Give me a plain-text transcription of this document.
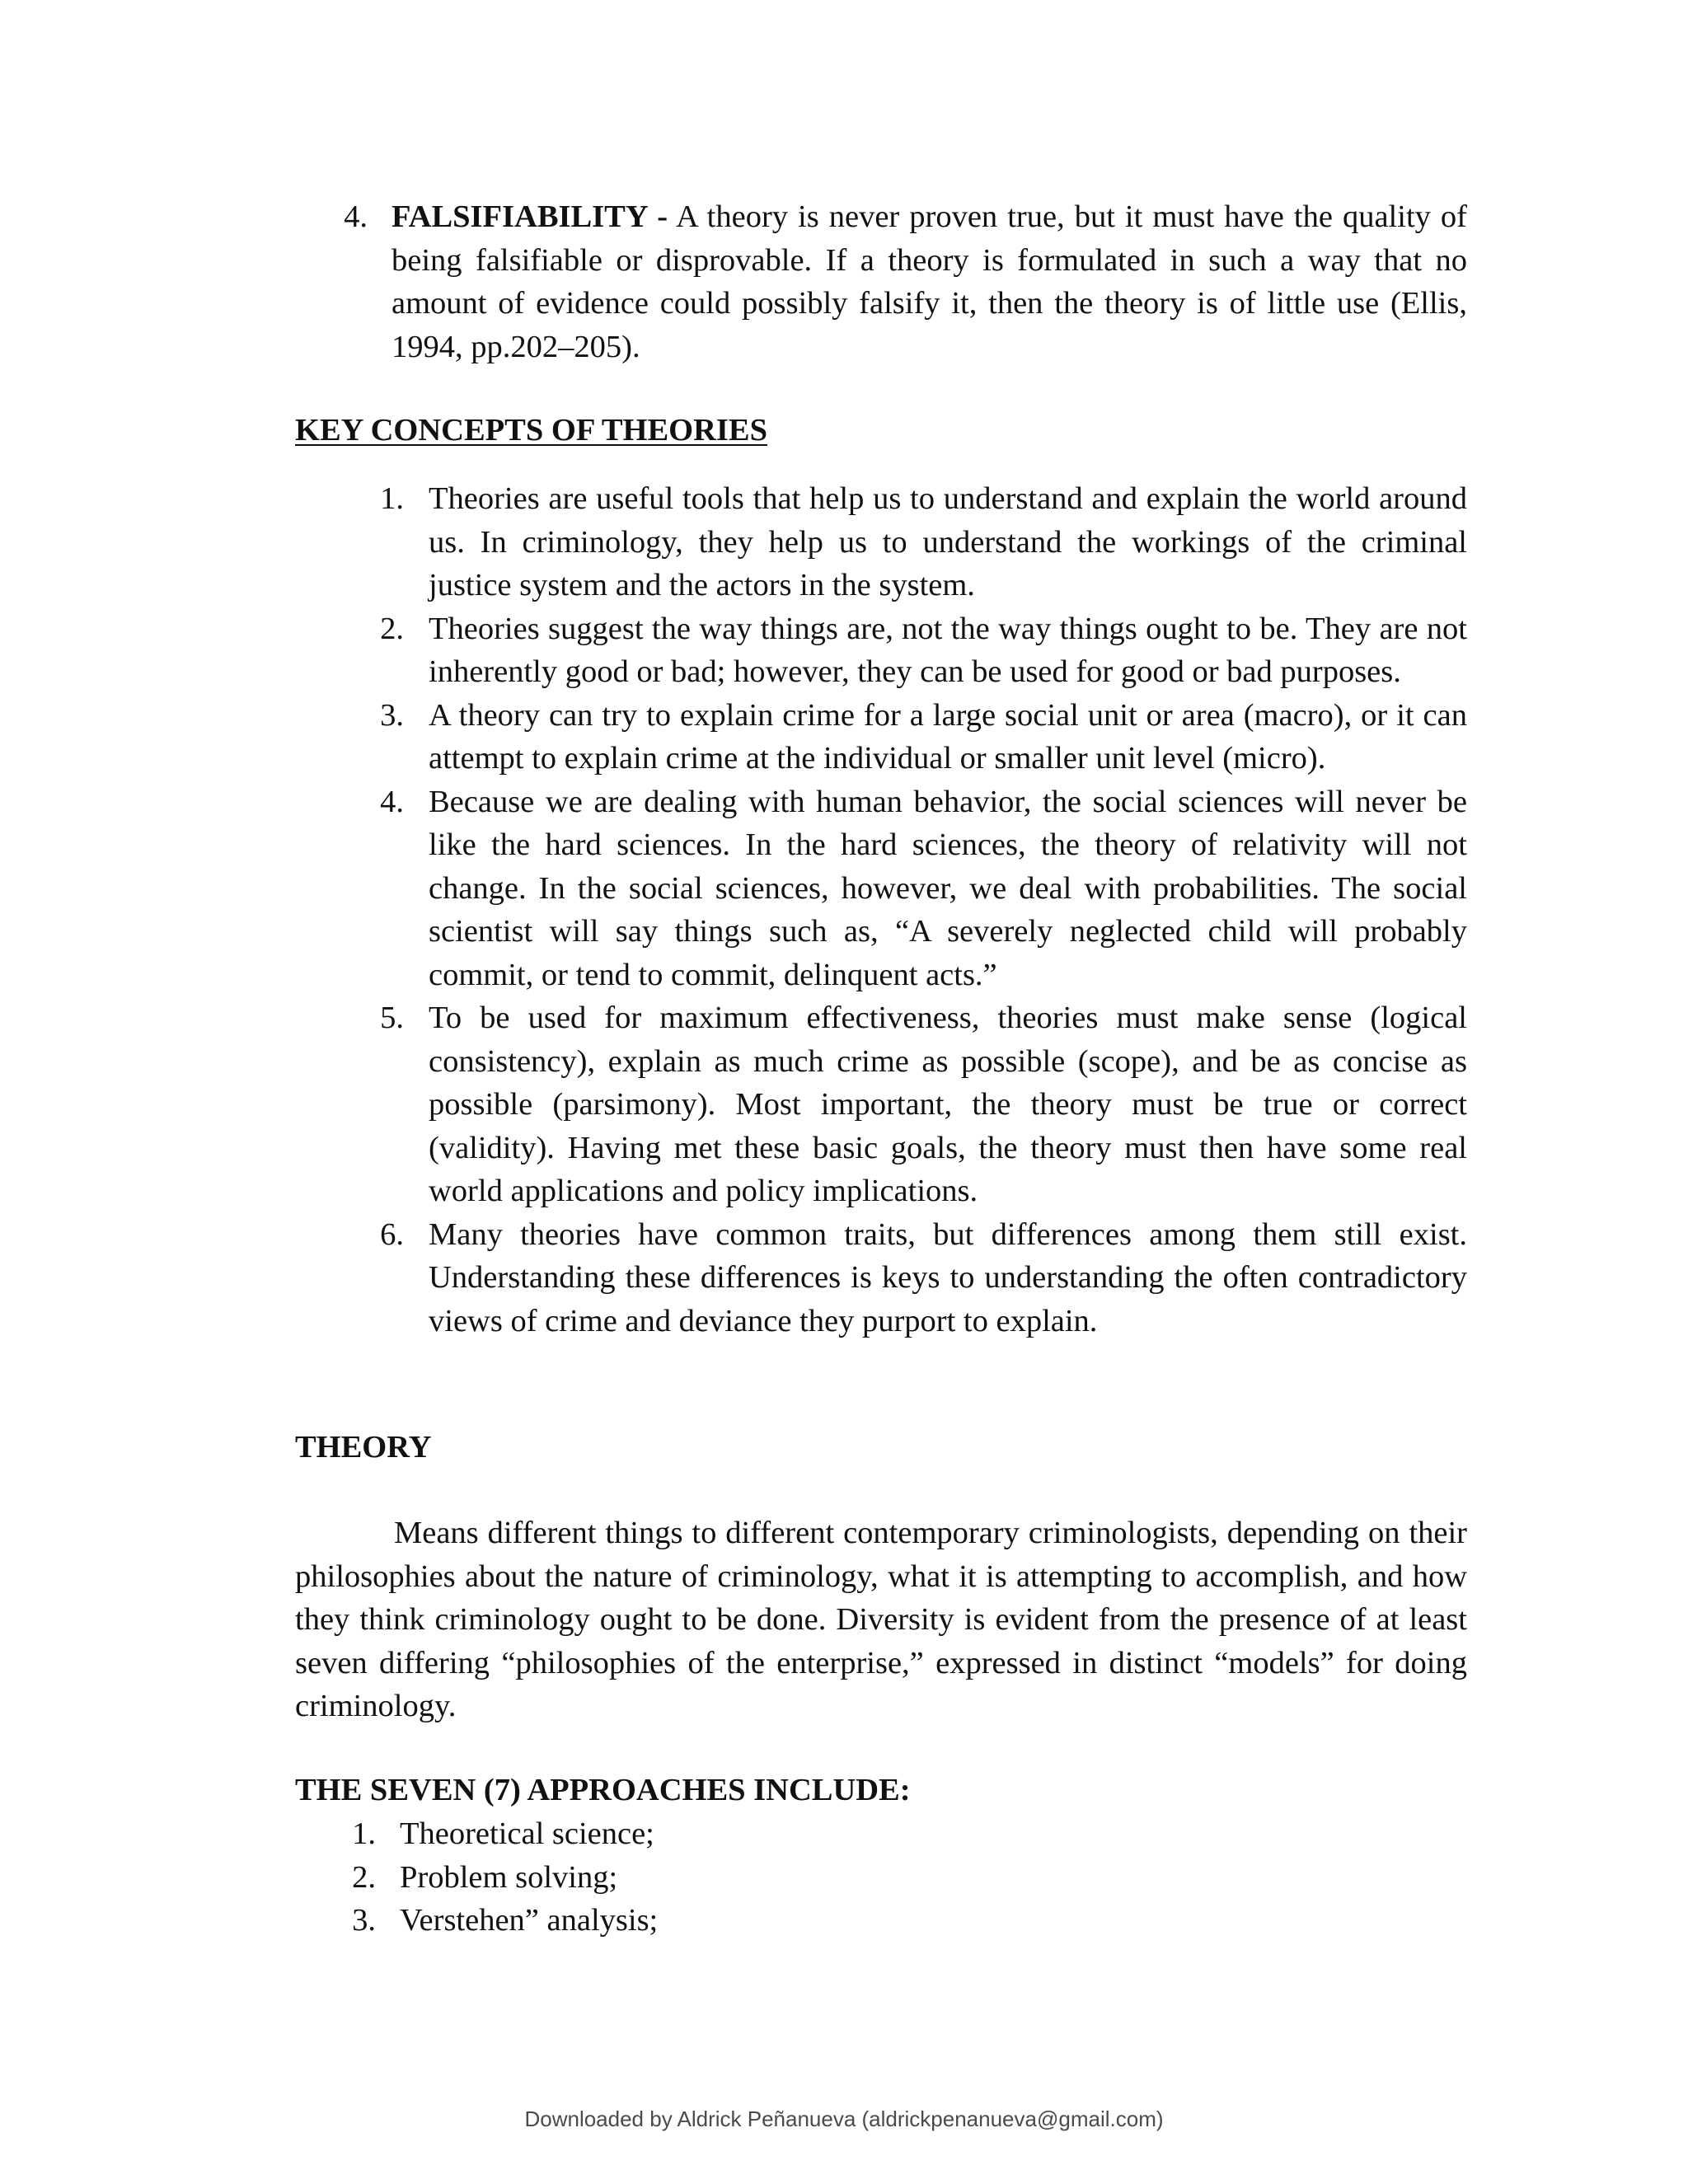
4. FALSIFIABILITY - A theory is never proven true, but it must have the quality of being falsifiable or disprovable. If a theory is formulated in such a way that no amount of evidence could possibly falsify it, then the theory is of little use (Ellis, 1994, pp.202–205).
KEY CONCEPTS OF THEORIES
1. Theories are useful tools that help us to understand and explain the world around us. In criminology, they help us to understand the workings of the criminal justice system and the actors in the system.
2. Theories suggest the way things are, not the way things ought to be. They are not inherently good or bad; however, they can be used for good or bad purposes.
3. A theory can try to explain crime for a large social unit or area (macro), or it can attempt to explain crime at the individual or smaller unit level (micro).
4. Because we are dealing with human behavior, the social sciences will never be like the hard sciences. In the hard sciences, the theory of relativity will not change. In the social sciences, however, we deal with probabilities. The social scientist will say things such as, “A severely neglected child will probably commit, or tend to commit, delinquent acts.”
5. To be used for maximum effectiveness, theories must make sense (logical consistency), explain as much crime as possible (scope), and be as concise as possible (parsimony). Most important, the theory must be true or correct (validity). Having met these basic goals, the theory must then have some real world applications and policy implications.
6. Many theories have common traits, but differences among them still exist. Understanding these differences is keys to understanding the often contradictory views of crime and deviance they purport to explain.
THEORY
Means different things to different contemporary criminologists, depending on their philosophies about the nature of criminology, what it is attempting to accomplish, and how they think criminology ought to be done. Diversity is evident from the presence of at least seven differing “philosophies of the enterprise,” expressed in distinct “models” for doing criminology.
THE SEVEN (7) APPROACHES INCLUDE:
1. Theoretical science;
2. Problem solving;
3. Verstehen” analysis;
Downloaded by Aldrick Peñanueva (aldrickpenanueva@gmail.com)
